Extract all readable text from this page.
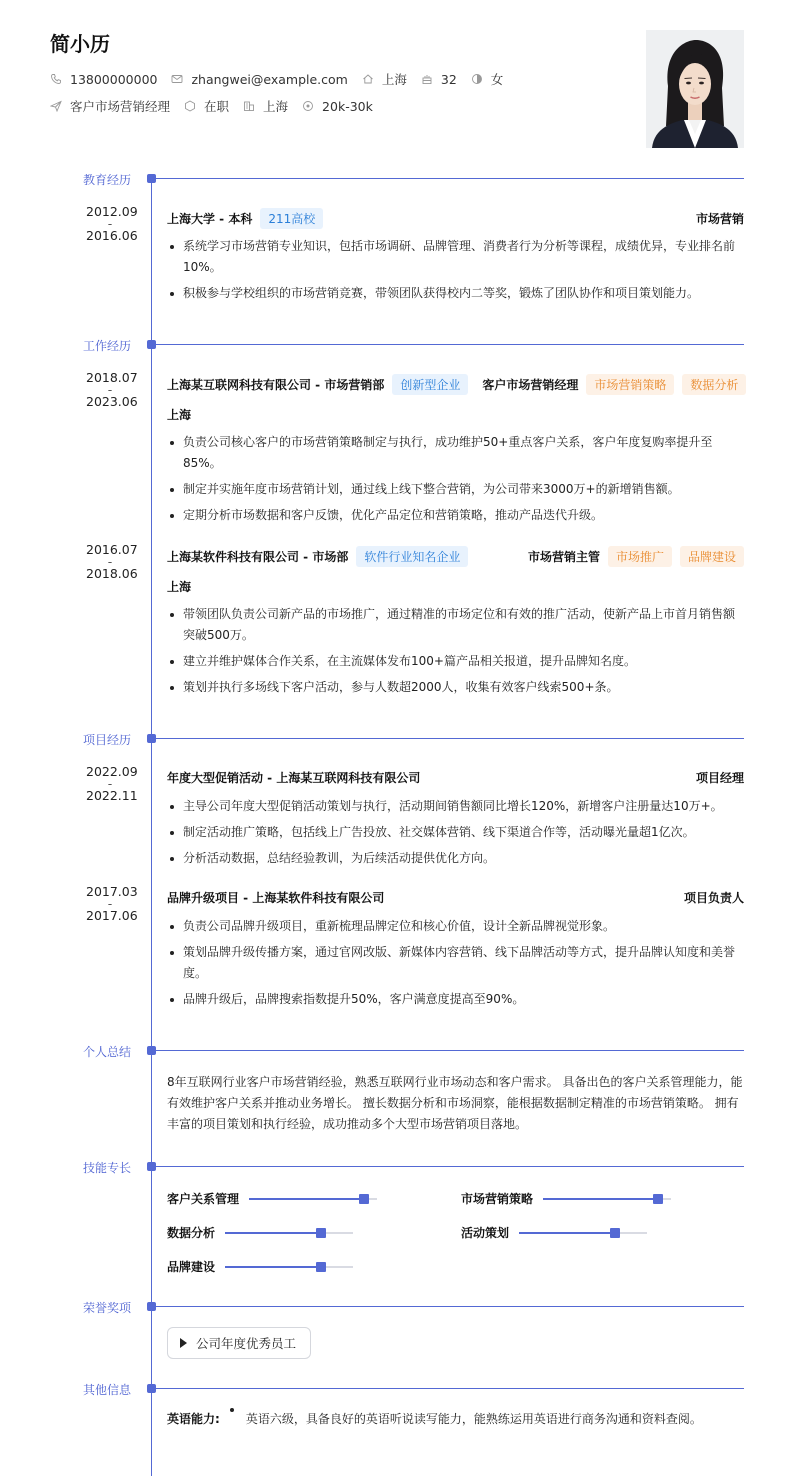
简小历
13800000000	zhangwei@example.com	上海	32	女
客户市场营销经理	在职	上海	20k-30k
教育经历
2012.09
-
2016.06
上海大学 - 本科	211高校	市场营销
系统学习市场营销专业知识，包括市场调研、品牌管理、消费者行为分析等课程，成绩优异，专业排名前10%。
积极参与学校组织的市场营销竞赛，带领团队获得校内二等奖，锻炼了团队协作和项目策划能力。
工作经历
2018.07
-
2023.06
上海某互联网科技有限公司 - 市场营销部	创新型企业	客户市场营销经理	市场营销策略	数据分析
上海
负责公司核心客户的市场营销策略制定与执行，成功维护50+重点客户关系，客户年度复购率提升至85%。
制定并实施年度市场营销计划，通过线上线下整合营销，为公司带来3000万+的新增销售额。
定期分析市场数据和客户反馈，优化产品定位和营销策略，推动产品迭代升级。
2016.07
-
2018.06
上海某软件科技有限公司 - 市场部	软件行业知名企业	市场营销主管	市场推广	品牌建设
上海
带领团队负责公司新产品的市场推广，通过精准的市场定位和有效的推广活动，使新产品上市首月销售额突破500万。
建立并维护媒体合作关系，在主流媒体发布100+篇产品相关报道，提升品牌知名度。
策划并执行多场线下客户活动，参与人数超2000人，收集有效客户线索500+条。
项目经历
2022.09
-
2022.11
年度大型促销活动 - 上海某互联网科技有限公司	项目经理
主导公司年度大型促销活动策划与执行，活动期间销售额同比增长120%，新增客户注册量达10万+。
制定活动推广策略，包括线上广告投放、社交媒体营销、线下渠道合作等，活动曝光量超1亿次。
分析活动数据，总结经验教训，为后续活动提供优化方向。
2017.03
-
2017.06
品牌升级项目 - 上海某软件科技有限公司	项目负责人
负责公司品牌升级项目，重新梳理品牌定位和核心价值，设计全新品牌视觉形象。
策划品牌升级传播方案，通过官网改版、新媒体内容营销、线下品牌活动等方式，提升品牌认知度和美誉度。
品牌升级后，品牌搜索指数提升50%，客户满意度提高至90%。
个人总结
8年互联网行业客户市场营销经验，熟悉互联网行业市场动态和客户需求。 具备出色的客户关系管理能力，能有效维护客户关系并推动业务增长。 擅长数据分析和市场洞察，能根据数据制定精准的市场营销策略。 拥有丰富的项目策划和执行经验，成功推动多个大型市场营销项目落地。
技能专长
客户关系管理	市场营销策略
数据分析	活动策划
品牌建设
荣誉奖项
公司年度优秀员工
其他信息
英语能力: 英语六级，具备良好的英语听说读写能力，能熟练运用英语进行商务沟通和资料查阅。
